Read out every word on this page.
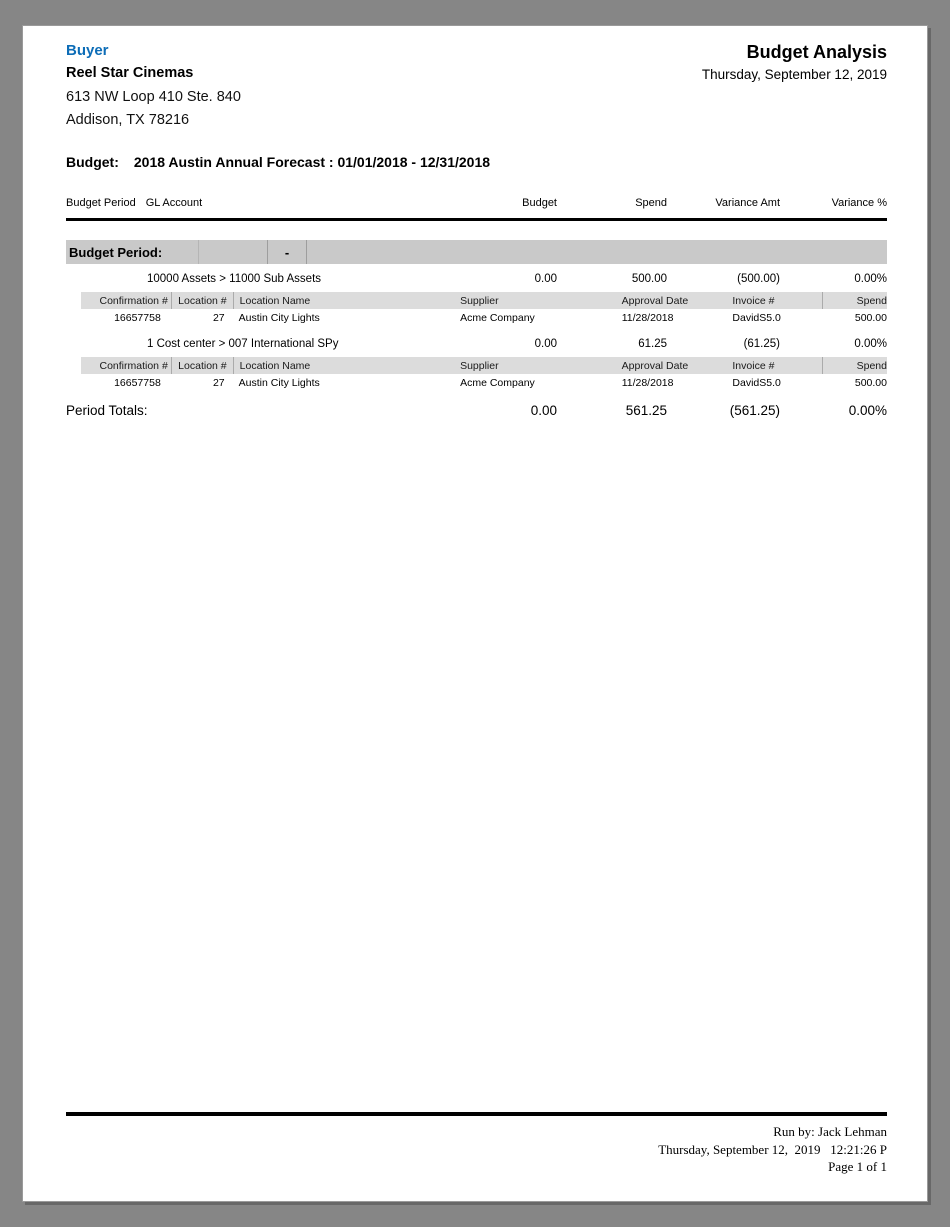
Buyer
Reel Star Cinemas
613 NW Loop 410 Ste. 840
Addison, TX 78216
Budget Analysis
Thursday, September 12, 2019
Budget: 2018 Austin Annual Forecast : 01/01/2018 - 12/31/2018
Budget Period GL Account	Budget	Spend	Variance Amt	Variance %
Budget Period:	-
10000 Assets > 11000 Sub Assets	0.00	500.00	(500.00)	0.00%
Confirmation # Location #	Location Name	Supplier	Approval Date	Invoice #	Spend
16657758	27	Austin City Lights	Acme Company	11/28/2018	DavidS5.0	500.00
1 Cost center > 007 International SPy	0.00	61.25	(61.25)	0.00%
Confirmation # Location #	Location Name	Supplier	Approval Date	Invoice #	Spend
16657758	27	Austin City Lights	Acme Company	11/28/2018	DavidS5.0	500.00
Period Totals:	0.00	561.25	(561.25)	0.00%
Run by: Jack Lehman
Thursday, September 12,  2019   12:21:26 P
Page 1 of 1
